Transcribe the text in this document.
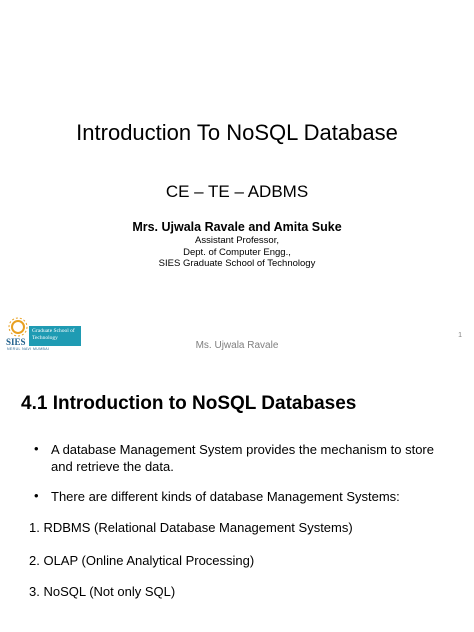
Introduction To NoSQL Database
CE – TE – ADBMS
Mrs. Ujwala Ravale and Amita Suke
Assistant Professor,
Dept. of Computer Engg.,
SIES Graduate School of Technology
Graduate School of Technology
SIES
NERUL NAVI MUMBAI	Ms. Ujwala Ravale
1
4.1 Introduction to NoSQL Databases
• A database Management System provides the mechanism to store and retrieve the data.
• There are different kinds of database Management Systems:
1. RDBMS (Relational Database Management Systems)
2. OLAP (Online Analytical Processing)
3. NoSQL (Not only SQL)
